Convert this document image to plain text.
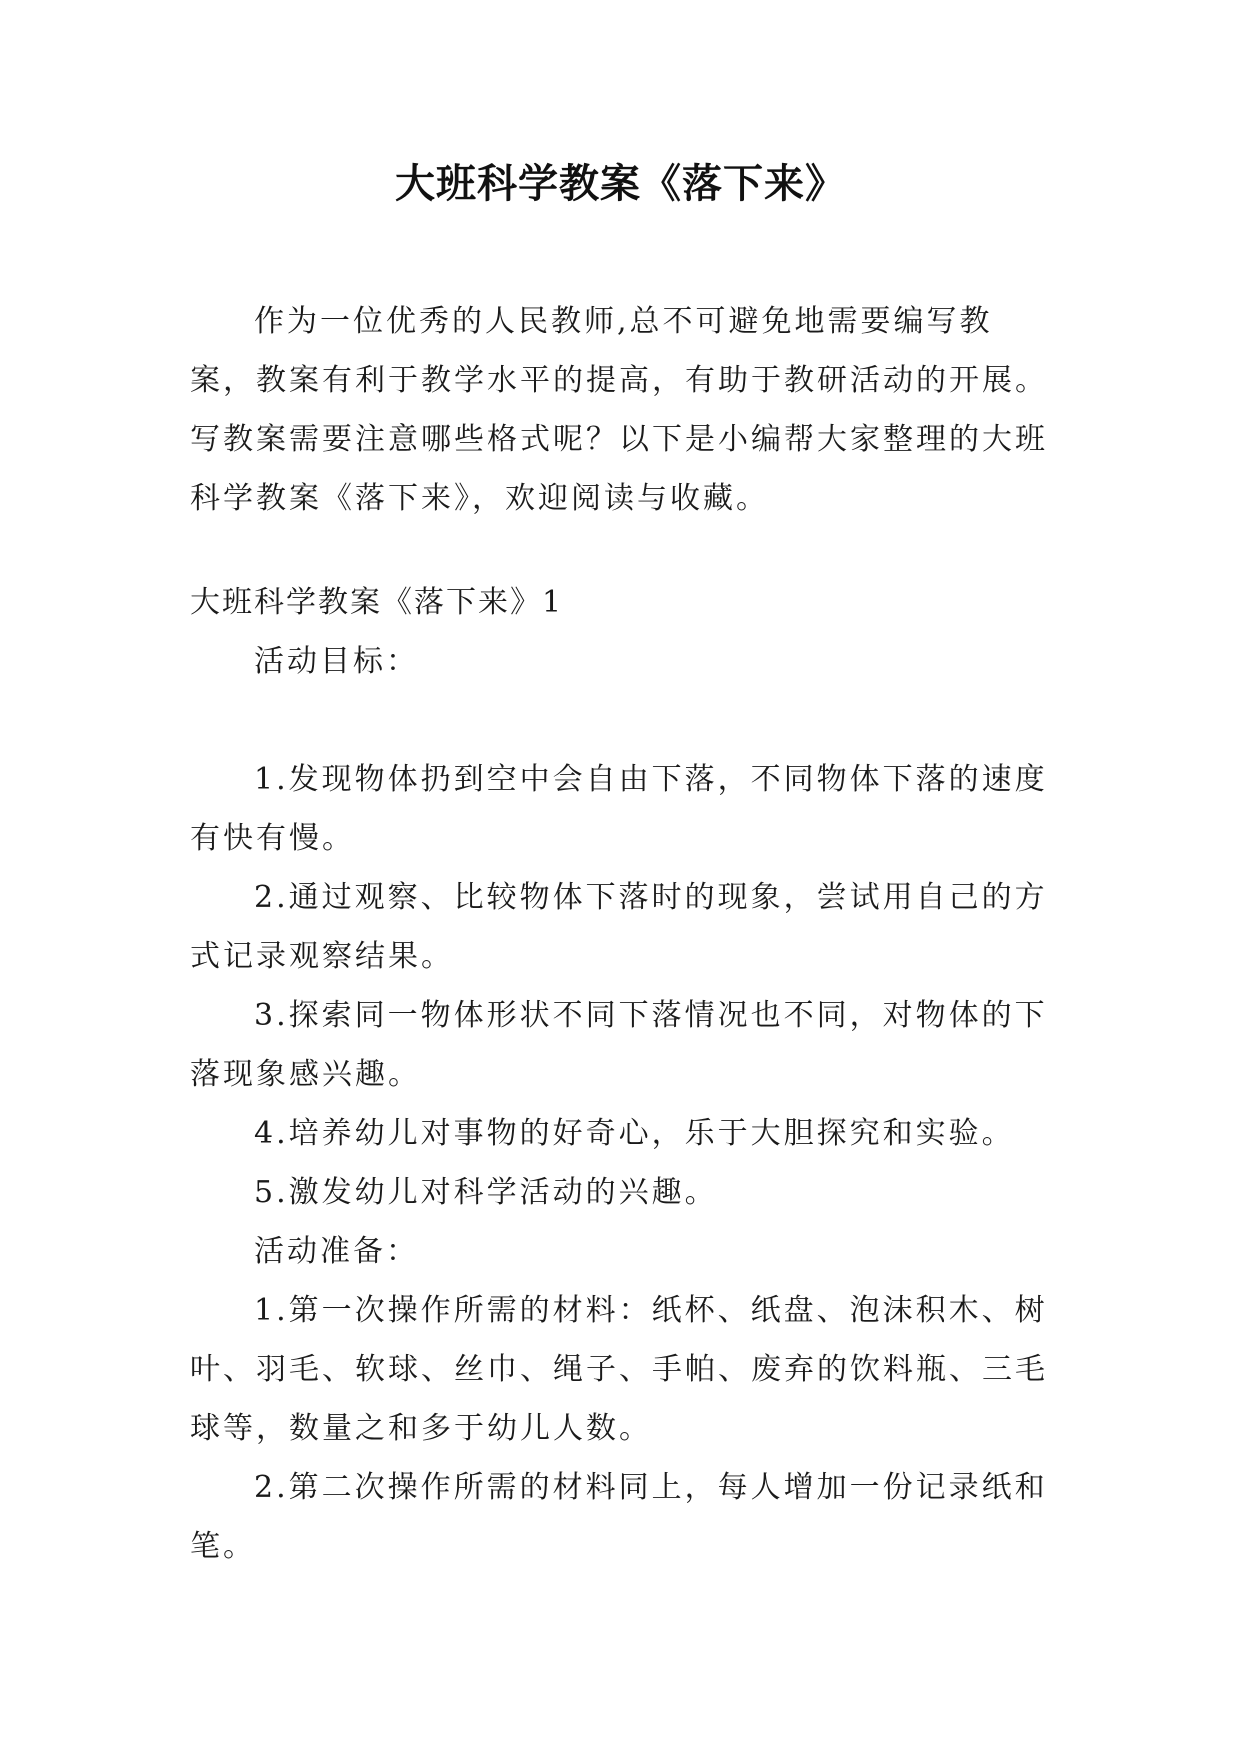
大班科学教案《落下来》

作为一位优秀的人民教师,总不可避免地需要编写教案，教案有利于教学水平的提高，有助于教研活动的开展。写教案需要注意哪些格式呢？以下是小编帮大家整理的大班科学教案《落下来》，欢迎阅读与收藏。

大班科学教案《落下来》1

活动目标：

1.发现物体扔到空中会自由下落，不同物体下落的速度有快有慢。

2.通过观察、比较物体下落时的现象，尝试用自己的方式记录观察结果。

3.探索同一物体形状不同下落情况也不同，对物体的下落现象感兴趣。

4.培养幼儿对事物的好奇心，乐于大胆探究和实验。

5.激发幼儿对科学活动的兴趣。

活动准备：

1.第一次操作所需的材料：纸杯、纸盘、泡沫积木、树叶、羽毛、软球、丝巾、绳子、手帕、废弃的饮料瓶、三毛球等，数量之和多于幼儿人数。

2.第二次操作所需的材料同上，每人增加一份记录纸和笔。
